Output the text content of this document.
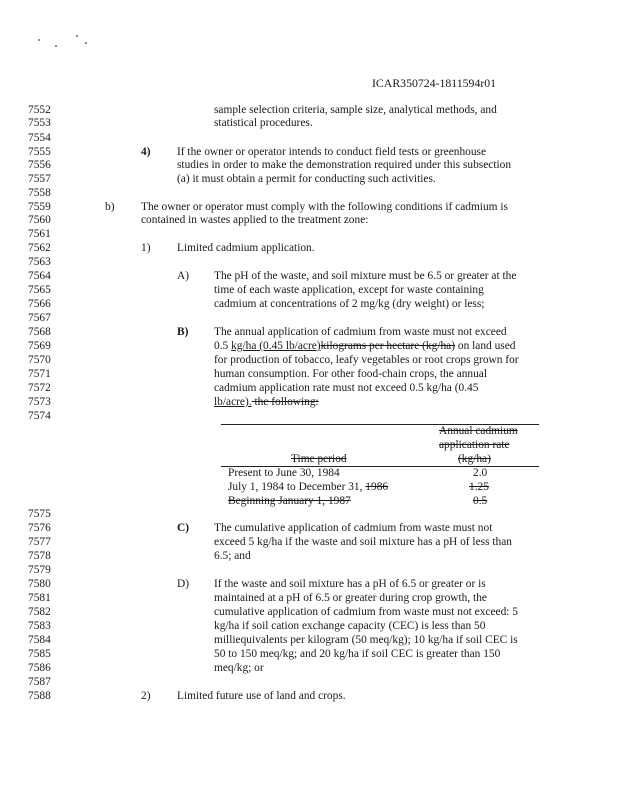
ICAR350724-1811594r01
7552
7553
7554
7555
7556
7557
7558
7559
7560
7561
7562
7563
7564
7565
7566
7567
7568
7569
7570
7571
7572
7573
7574
7575
7576
7577
7578
7579
7580
7581
7582
7583
7584
7585
7586
7587
7588
sample selection criteria, sample size, analytical methods, and
statistical procedures.
4) If the owner or operator intends to conduct field tests or greenhouse
studies in order to make the demonstration required under this subsection
(a) it must obtain a permit for conducting such activities.
b) The owner or operator must comply with the following conditions if cadmium is
contained in wastes applied to the treatment zone:
1) Limited cadmium application.
A) The pH of the waste, and soil mixture must be 6.5 or greater at the
time of each waste application, except for waste containing
cadmium at concentrations of 2 mg/kg (dry weight) or less;
B) The annual application of cadmium from waste must not exceed
0.5 kg/ha (0.45 lb/acre)kilograms per hectare (kg/ha) on land used
for production of tobacco, leafy vegetables or root crops grown for
human consumption. For other food-chain crops, the annual
cadmium application rate must not exceed 0.5 kg/ha (0.45
lb/acre). the following:
Annual cadmium
application rate
Time period	(kg/ha)
Present to June 30, 1984	2.0
July 1, 1984 to December 31, 1986	1.25
Beginning January 1, 1987	0.5
C) The cumulative application of cadmium from waste must not
exceed 5 kg/ha if the waste and soil mixture has a pH of less than
6.5; and
D) If the waste and soil mixture has a pH of 6.5 or greater or is
maintained at a pH of 6.5 or greater during crop growth, the
cumulative application of cadmium from waste must not exceed: 5
kg/ha if soil cation exchange capacity (CEC) is less than 50
milliequivalents per kilogram (50 meq/kg); 10 kg/ha if soil CEC is
50 to 150 meq/kg; and 20 kg/ha if soil CEC is greater than 150
meq/kg; or
2) Limited future use of land and crops.
